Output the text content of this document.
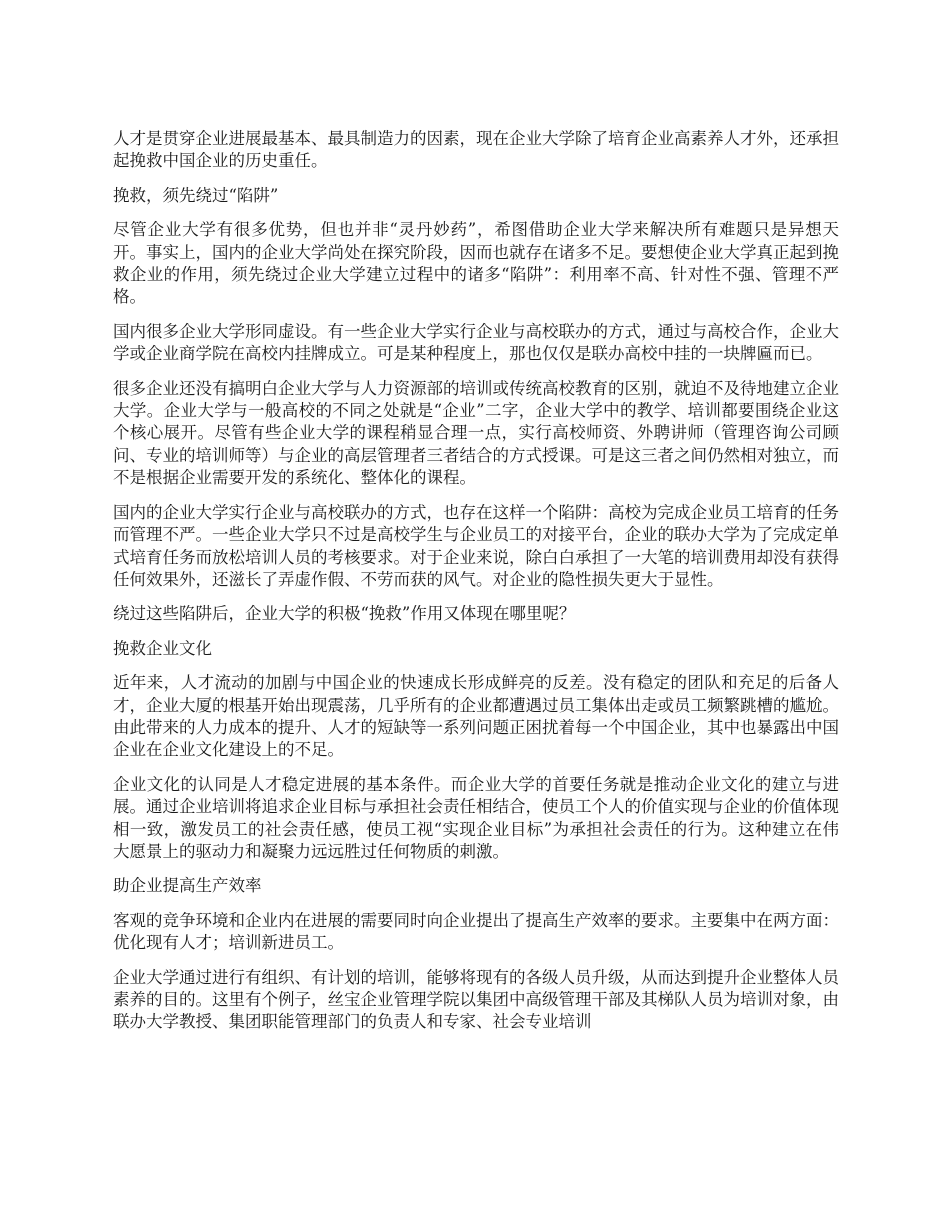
人才是贯穿企业进展最基本、最具制造力的因素，现在企业大学除了培育企业高素养人才外，还承担起挽救中国企业的历史重任。

挽救，须先绕过“陷阱”

尽管企业大学有很多优势，但也并非“灵丹妙药”，希图借助企业大学来解决所有难题只是异想天开。事实上，国内的企业大学尚处在探究阶段，因而也就存在诸多不足。要想使企业大学真正起到挽救企业的作用，须先绕过企业大学建立过程中的诸多“陷阱”：利用率不高、针对性不强、管理不严格。

国内很多企业大学形同虚设。有一些企业大学实行企业与高校联办的方式，通过与高校合作，企业大学或企业商学院在高校内挂牌成立。可是某种程度上，那也仅仅是联办高校中挂的一块牌匾而已。

很多企业还没有搞明白企业大学与人力资源部的培训或传统高校教育的区别，就迫不及待地建立企业大学。企业大学与一般高校的不同之处就是“企业”二字，企业大学中的教学、培训都要围绕企业这个核心展开。尽管有些企业大学的课程稍显合理一点，实行高校师资、外聘讲师（管理咨询公司顾问、专业的培训师等）与企业的高层管理者三者结合的方式授课。可是这三者之间仍然相对独立，而不是根据企业需要开发的系统化、整体化的课程。

国内的企业大学实行企业与高校联办的方式，也存在这样一个陷阱：高校为完成企业员工培育的任务而管理不严。一些企业大学只不过是高校学生与企业员工的对接平台，企业的联办大学为了完成定单式培育任务而放松培训人员的考核要求。对于企业来说，除白白承担了一大笔的培训费用却没有获得任何效果外，还滋长了弄虚作假、不劳而获的风气。对企业的隐性损失更大于显性。

绕过这些陷阱后，企业大学的积极“挽救”作用又体现在哪里呢？

挽救企业文化

近年来，人才流动的加剧与中国企业的快速成长形成鲜亮的反差。没有稳定的团队和充足的后备人才，企业大厦的根基开始出现震荡，几乎所有的企业都遭遇过员工集体出走或员工频繁跳槽的尴尬。由此带来的人力成本的提升、人才的短缺等一系列问题正困扰着每一个中国企业，其中也暴露出中国企业在企业文化建设上的不足。

企业文化的认同是人才稳定进展的基本条件。而企业大学的首要任务就是推动企业文化的建立与进展。通过企业培训将追求企业目标与承担社会责任相结合，使员工个人的价值实现与企业的价值体现相一致，激发员工的社会责任感，使员工视“实现企业目标”为承担社会责任的行为。这种建立在伟大愿景上的驱动力和凝聚力远远胜过任何物质的刺激。

助企业提高生产效率

客观的竞争环境和企业内在进展的需要同时向企业提出了提高生产效率的要求。主要集中在两方面：优化现有人才；培训新进员工。

企业大学通过进行有组织、有计划的培训，能够将现有的各级人员升级，从而达到提升企业整体人员素养的目的。这里有个例子，丝宝企业管理学院以集团中高级管理干部及其梯队人员为培训对象，由联办大学教授、集团职能管理部门的负责人和专家、社会专业培训
